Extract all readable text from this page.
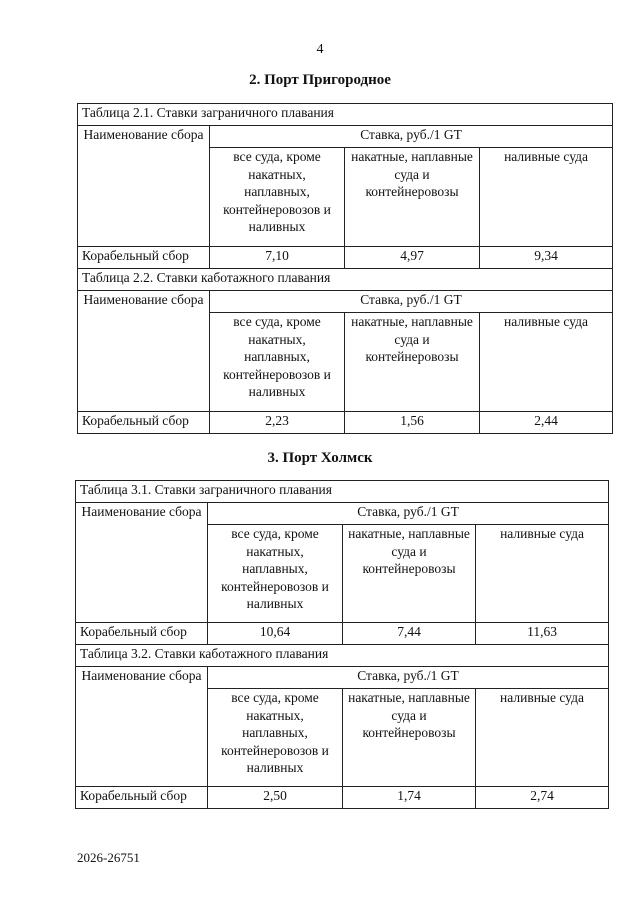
4
2. Порт Пригородное
Таблица 2.1. Ставки заграничного плавания			
Наименование сбора	Ставка, руб./1 GT		
	все суда, кроме накатных, наплавных, контейнеровозов и наливных	накатные, наплавные суда и контейнеровозы	наливные суда
Корабельный сбор	7,10	4,97	9,34
Таблица 2.2. Ставки каботажного плавания			
Наименование сбора	Ставка, руб./1 GT		
	все суда, кроме накатных, наплавных, контейнеровозов и наливных	накатные, наплавные суда и контейнеровозы	наливные суда
Корабельный сбор	2,23	1,56	2,44
3. Порт Холмск
Таблица 3.1. Ставки заграничного плавания			
Наименование сбора	Ставка, руб./1 GT		
	все суда, кроме накатных, наплавных, контейнеровозов и наливных	накатные, наплавные суда и контейнеровозы	наливные суда
Корабельный сбор	10,64	7,44	11,63
Таблица 3.2. Ставки каботажного плавания			
Наименование сбора	Ставка, руб./1 GT		
	все суда, кроме накатных, наплавных, контейнеровозов и наливных	накатные, наплавные суда и контейнеровозы	наливные суда
Корабельный сбор	2,50	1,74	2,74
2026-26751
